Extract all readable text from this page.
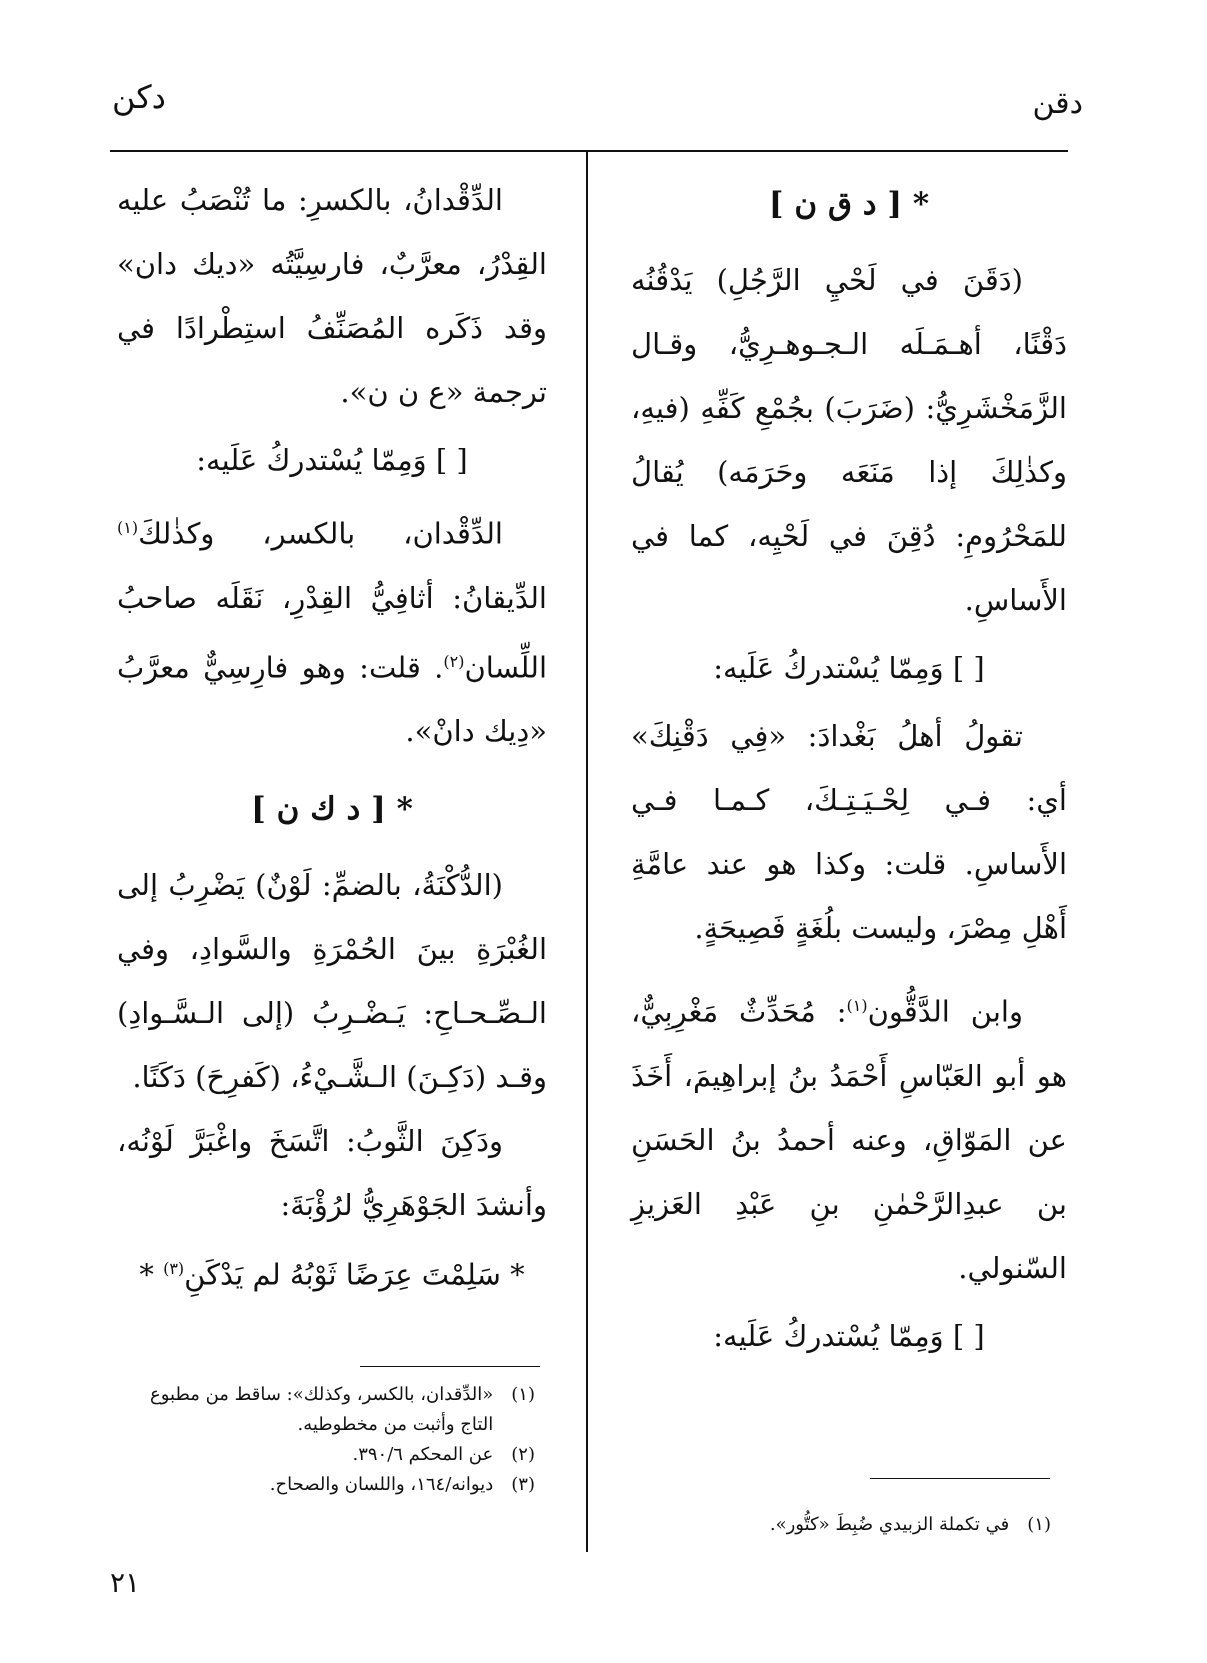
دقن
دكن
* [ د ق ن ]

(دَقَنَ في لَحْيِ الرَّجُلِ) يَدْقُنُه دَقْنًا، أهـمَـلَه الـجـوهـرِيُّ، وقـال الزَّمَخْشَرِيُّ: (ضَرَبَ) بجُمْعِ كَفِّهِ (فيهِ، وكذٰلِكَ إذا مَنَعَه وحَرَمَه) يُقالُ للمَحْرُومِ: دُقِنَ في لَحْيِه، كما في الأَساسِ.

[ ] وَمِمّا يُسْتدركُ عَلَيه:

تقولُ أهلُ بَغْدادَ: «فِي دَقْنِكَ» أي: فـي لِحْـيَـتِـكَ، كـمـا فـي الأَساسِ. قلت: وكذا هو عند عامَّةِ أَهْلِ مِصْرَ، وليست بلُغَةٍ فَصِيحَةٍ.

وابن الدَّقُّون$^{(١)}$: مُحَدِّثٌ مَغْرِبِيٌّ، هو أبو العَبّاسِ أَحْمَدُ بنُ إبراهِيمَ، أَخَذَ عن المَوّاقِ، وعنه أحمدُ بنُ الحَسَنِ بن عبدِالرَّحْمٰنِ بنِ عَبْدِ العَزيزِ السّنولي.

[ ] وَمِمّا يُسْتدركُ عَلَيه:

الدِّقْدانُ، بالكسرِ: ما تُنْصَبُ عليه القِدْرُ، معرَّبٌ، فارسِيَّتُه «ديك دان» وقد ذَكَره المُصَنِّفُ استِطْرادًا في ترجمة «ع ن ن».

[ ] وَمِمّا يُسْتدركُ عَلَيه:

الدِّقْدان، بالكسر، وكذٰلكَ$^{(١)}$ الدِّيقانُ: أثافِيُّ القِدْرِ، نَقَلَه صاحبُ اللِّسان$^{(٢)}$. قلت: وهو فارِسِيٌّ معرَّبُ «دِيك دانْ».

* [ د ك ن ]

(الدُّكْنَةُ، بالضمِّ: لَوْنٌ) يَضْرِبُ إلى الغُبْرَةِ بينَ الحُمْرَةِ والسَّوادِ، وفي الـصِّـحـاحِ: يَـضْـرِبُ (إلى الـسَّـوادِ) وقـد (دَكِـنَ) الـشَّـيْءُ، (كَفرِحَ) دَكَنًا.

ودَكِنَ الثَّوبُ: اتَّسَخَ واغْبَرَّ لَوْنُه، وأنشدَ الجَوْهَرِيُّ لرُؤْبَةَ:

* سَلِمْتَ عِرَضًا ثَوْبُهُ لم يَدْكَنِ$^{(٣)}$ *
(١)
«الدِّقدان، بالكسر، وكذلك»: ساقط من مطبوع التاج وأثبت من مخطوطيه.
(٢)
عن المحكم ٣٩٠/٦.
(٣)
ديوانه/١٦٤، واللسان والصحاح.
(١)
في تكملة الزبيدي ضُبِطَ «كتُّور».
٢١
